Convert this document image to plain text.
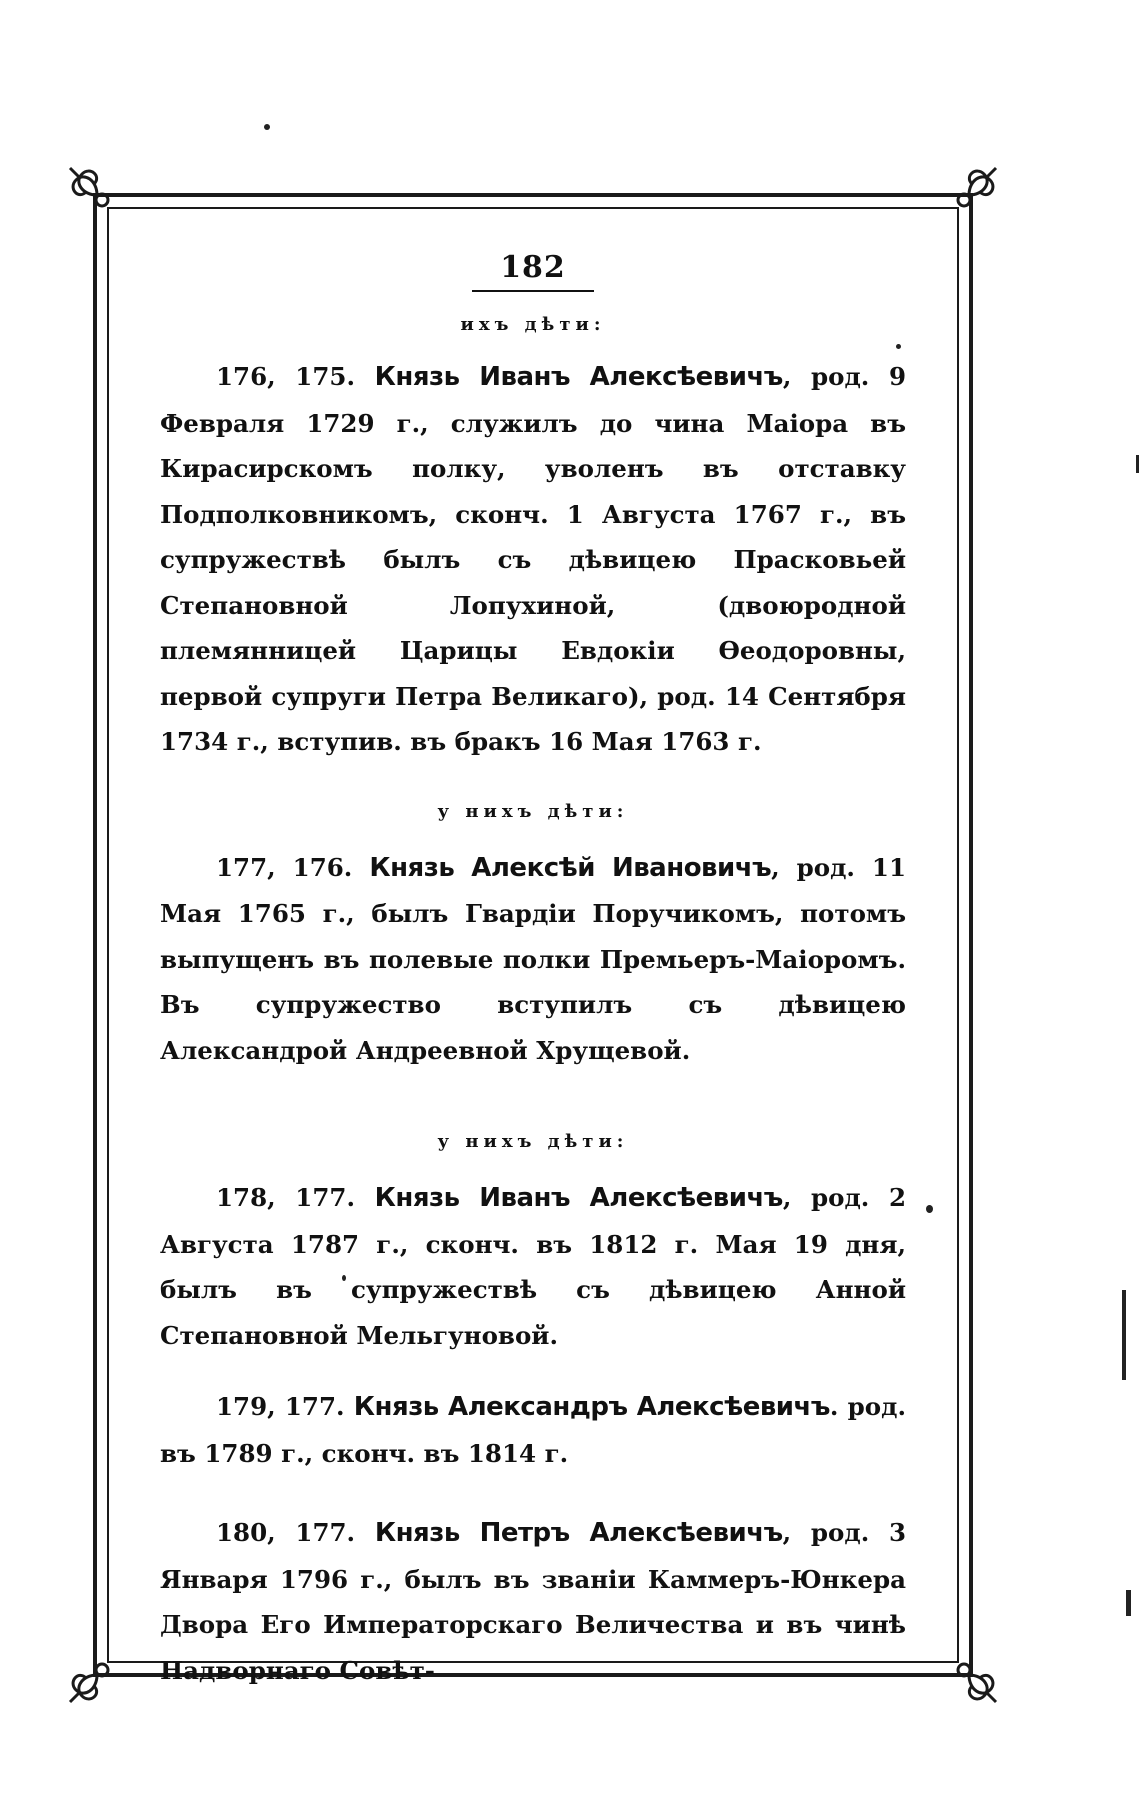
182
ихъ дѣти:

176, 175. Князь Иванъ Алексѣевичъ, род. 9 Февраля 1729 г., служилъ до чина Маіора въ Кирасирскомъ полку, уволенъ въ отставку Подполковникомъ, сконч. 1 Августа 1767 г., въ супружествѣ былъ съ дѣвицею Прасковьей Степановной Лопухиной, (двоюродной племянницей Царицы Евдокіи Ѳеодоровны, первой супруги Петра Великаго), род. 14 Сентября 1734 г., вступив. въ бракъ 16 Мая 1763 г.

у нихъ дѣти:

177, 176. Князь Алексѣй Ивановичъ, род. 11 Мая 1765 г., былъ Гвардіи Поручикомъ, потомъ выпущенъ въ полевые полки Премьеръ-Маіоромъ. Въ супружество вступилъ съ дѣвицею Александрой Андреевной Хрущевой.

у нихъ дѣти:

178, 177. Князь Иванъ Алексѣевичъ, род. 2 Августа 1787 г., сконч. въ 1812 г. Мая 19 дня, былъ въ супружествѣ съ дѣвицею Анной Степановной Мельгуновой.

179, 177. Князь Александръ Алексѣевичъ. род. въ 1789 г., сконч. въ 1814 г.

180, 177. Князь Петръ Алексѣевичъ, род. 3 Января 1796 г., былъ въ званіи Каммеръ-Юнкера Двора Его Императорскаго Величества и въ чинѣ Надворнаго Совѣт-
